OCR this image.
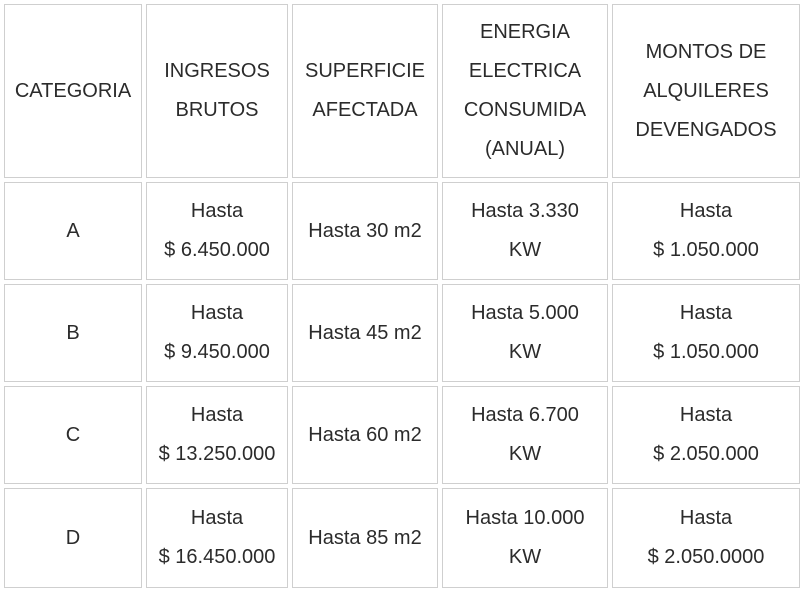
CATEGORIA
INGRESOS
BRUTOS
SUPERFICIE
AFECTADA
ENERGIA
ELECTRICA
CONSUMIDA
(ANUAL)
MONTOS DE
ALQUILERES
DEVENGADOS
A
Hasta
$ 6.450.000
Hasta 30 m2
Hasta 3.330
KW
Hasta
$ 1.050.000
B
Hasta
$ 9.450.000
Hasta 45 m2
Hasta 5.000
KW
Hasta
$ 1.050.000
C
Hasta
$ 13.250.000
Hasta 60 m2
Hasta 6.700
KW
Hasta
$ 2.050.000
D
Hasta
$ 16.450.000
Hasta 85 m2
Hasta 10.000
KW
Hasta
$ 2.050.0000
